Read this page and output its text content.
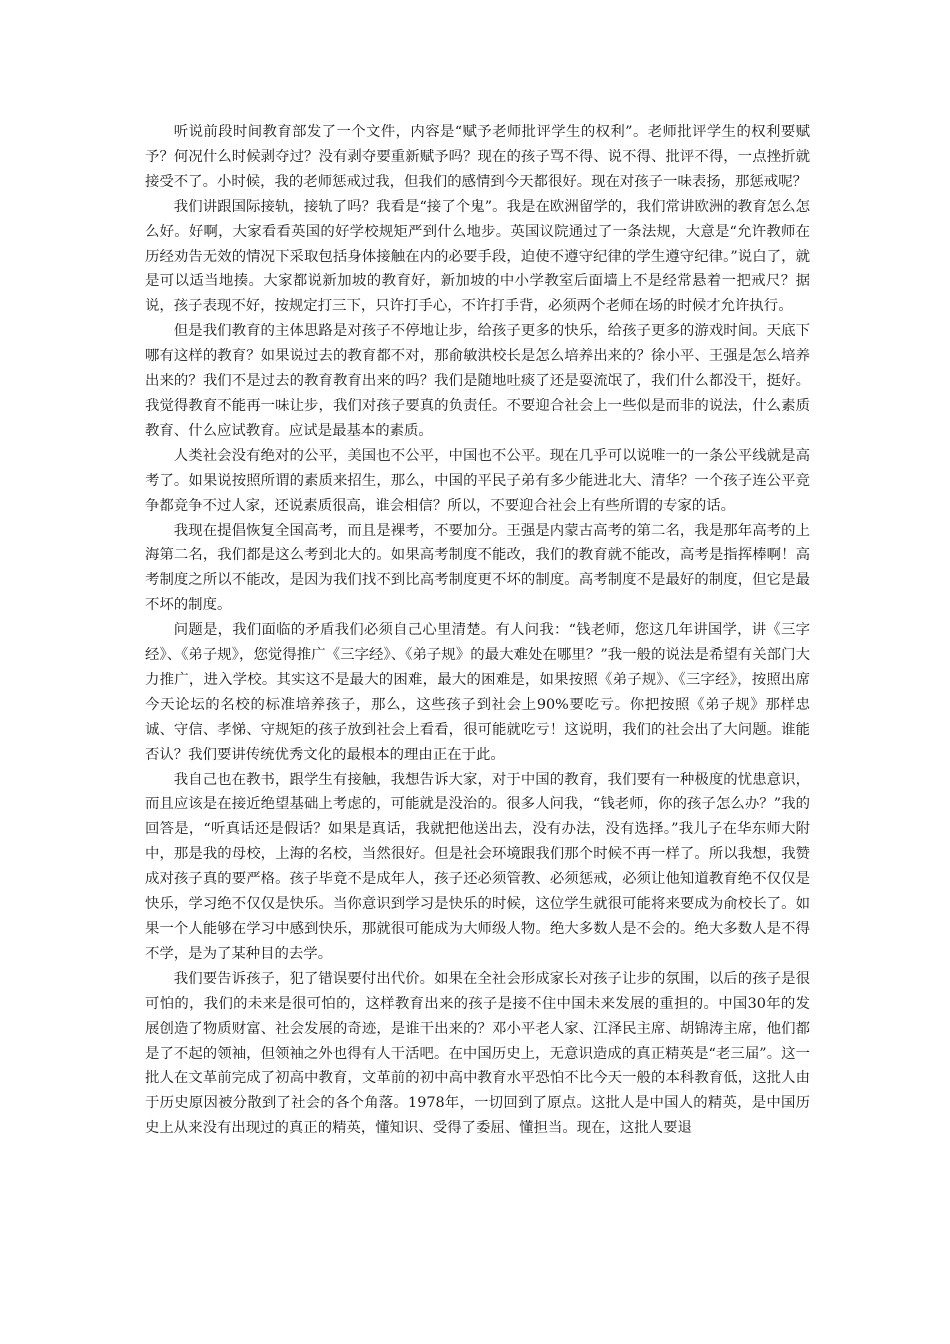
听说前段时间教育部发了一个文件，内容是“赋予老师批评学生的权利”。老师批评学生的权利要赋予？何况什么时候剥夺过？没有剥夺要重新赋予吗？现在的孩子骂不得、说不得、批评不得，一点挫折就接受不了。小时候，我的老师惩戒过我，但我们的感情到今天都很好。现在对孩子一味表扬，那惩戒呢？

我们讲跟国际接轨，接轨了吗？我看是“接了个鬼”。我是在欧洲留学的，我们常讲欧洲的教育怎么怎么好。好啊，大家看看英国的好学校规矩严到什么地步。英国议院通过了一条法规，大意是“允许教师在历经劝告无效的情况下采取包括身体接触在内的必要手段，迫使不遵守纪律的学生遵守纪律。”说白了，就是可以适当地揍。大家都说新加坡的教育好，新加坡的中小学教室后面墙上不是经常悬着一把戒尺？据说，孩子表现不好，按规定打三下，只许打手心，不许打手背，必须两个老师在场的时候才允许执行。

但是我们教育的主体思路是对孩子不停地让步，给孩子更多的快乐，给孩子更多的游戏时间。天底下哪有这样的教育？如果说过去的教育都不对，那俞敏洪校长是怎么培养出来的？徐小平、王强是怎么培养出来的？我们不是过去的教育教育出来的吗？我们是随地吐痰了还是耍流氓了，我们什么都没干，挺好。我觉得教育不能再一味让步，我们对孩子要真的负责任。不要迎合社会上一些似是而非的说法，什么素质教育、什么应试教育。应试是最基本的素质。

人类社会没有绝对的公平，美国也不公平，中国也不公平。现在几乎可以说唯一的一条公平线就是高考了。如果说按照所谓的素质来招生，那么，中国的平民子弟有多少能进北大、清华？一个孩子连公平竞争都竞争不过人家，还说素质很高，谁会相信？所以，不要迎合社会上有些所谓的专家的话。

我现在提倡恢复全国高考，而且是裸考，不要加分。王强是内蒙古高考的第二名，我是那年高考的上海第二名，我们都是这么考到北大的。如果高考制度不能改，我们的教育就不能改，高考是指挥棒啊！高考制度之所以不能改，是因为我们找不到比高考制度更不坏的制度。高考制度不是最好的制度，但它是最不坏的制度。

问题是，我们面临的矛盾我们必须自己心里清楚。有人问我：“钱老师，您这几年讲国学，讲《三字经》、《弟子规》，您觉得推广《三字经》、《弟子规》的最大难处在哪里？”我一般的说法是希望有关部门大力推广，进入学校。其实这不是最大的困难，最大的困难是，如果按照《弟子规》、《三字经》，按照出席今天论坛的名校的标准培养孩子，那么，这些孩子到社会上90%要吃亏。你把按照《弟子规》那样忠诚、守信、孝悌、守规矩的孩子放到社会上看看，很可能就吃亏！这说明，我们的社会出了大问题。谁能否认？我们要讲传统优秀文化的最根本的理由正在于此。

我自己也在教书，跟学生有接触，我想告诉大家，对于中国的教育，我们要有一种极度的忧患意识，而且应该是在接近绝望基础上考虑的，可能就是没治的。很多人问我，“钱老师，你的孩子怎么办？”我的回答是，“听真话还是假话？如果是真话，我就把他送出去，没有办法，没有选择。”我儿子在华东师大附中，那是我的母校，上海的名校，当然很好。但是社会环境跟我们那个时候不再一样了。所以我想，我赞成对孩子真的要严格。孩子毕竟不是成年人，孩子还必须管教、必须惩戒，必须让他知道教育绝不仅仅是快乐，学习绝不仅仅是快乐。当你意识到学习是快乐的时候，这位学生就很可能将来要成为俞校长了。如果一个人能够在学习中感到快乐，那就很可能成为大师级人物。绝大多数人是不会的。绝大多数人是不得不学，是为了某种目的去学。

我们要告诉孩子，犯了错误要付出代价。如果在全社会形成家长对孩子让步的氛围，以后的孩子是很可怕的，我们的未来是很可怕的，这样教育出来的孩子是接不住中国未来发展的重担的。中国30年的发展创造了物质财富、社会发展的奇迹，是谁干出来的？邓小平老人家、江泽民主席、胡锦涛主席，他们都是了不起的领袖，但领袖之外也得有人干活吧。在中国历史上，无意识造成的真正精英是“老三届”。这一批人在文革前完成了初高中教育，文革前的初中高中教育水平恐怕不比今天一般的本科教育低，这批人由于历史原因被分散到了社会的各个角落。1978年，一切回到了原点。这批人是中国人的精英，是中国历史上从来没有出现过的真正的精英，懂知识、受得了委屈、懂担当。现在，这批人要退
